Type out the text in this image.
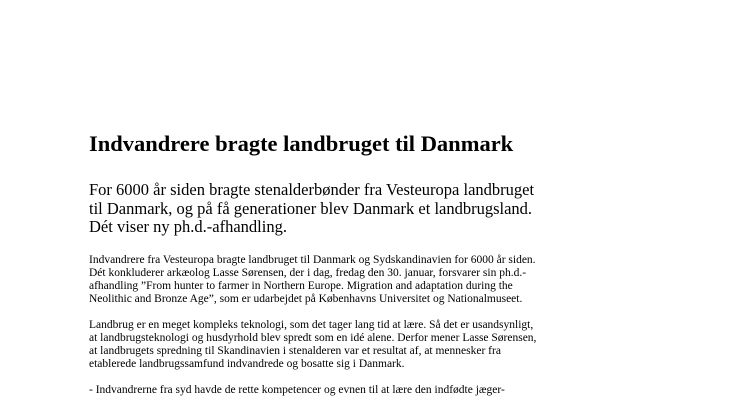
Indvandrere bragte landbruget til Danmark
For 6000 år siden bragte stenalderbønder fra Vesteuropa landbruget
til Danmark, og på få generationer blev Danmark et landbrugsland.
Dét viser ny ph.d.-afhandling.
Indvandrere fra Vesteuropa bragte landbruget til Danmark og Sydskandinavien for 6000 år siden.
Dét konkluderer arkæolog Lasse Sørensen, der i dag, fredag den 30. januar, forsvarer sin ph.d.-
afhandling ”From hunter to farmer in Northern Europe. Migration and adaptation during the
Neolithic and Bronze Age”, som er udarbejdet på Københavns Universitet og Nationalmuseet.
Landbrug er en meget kompleks teknologi, som det tager lang tid at lære. Så det er usandsynligt,
at landbrugsteknologi og husdyrhold blev spredt som en idé alene. Derfor mener Lasse Sørensen,
at landbrugets spredning til Skandinavien i stenalderen var et resultat af, at mennesker fra
etablerede landbrugssamfund indvandrede og bosatte sig i Danmark.
- Indvandrerne fra syd havde de rette kompetencer og evnen til at lære den indfødte jæger-
